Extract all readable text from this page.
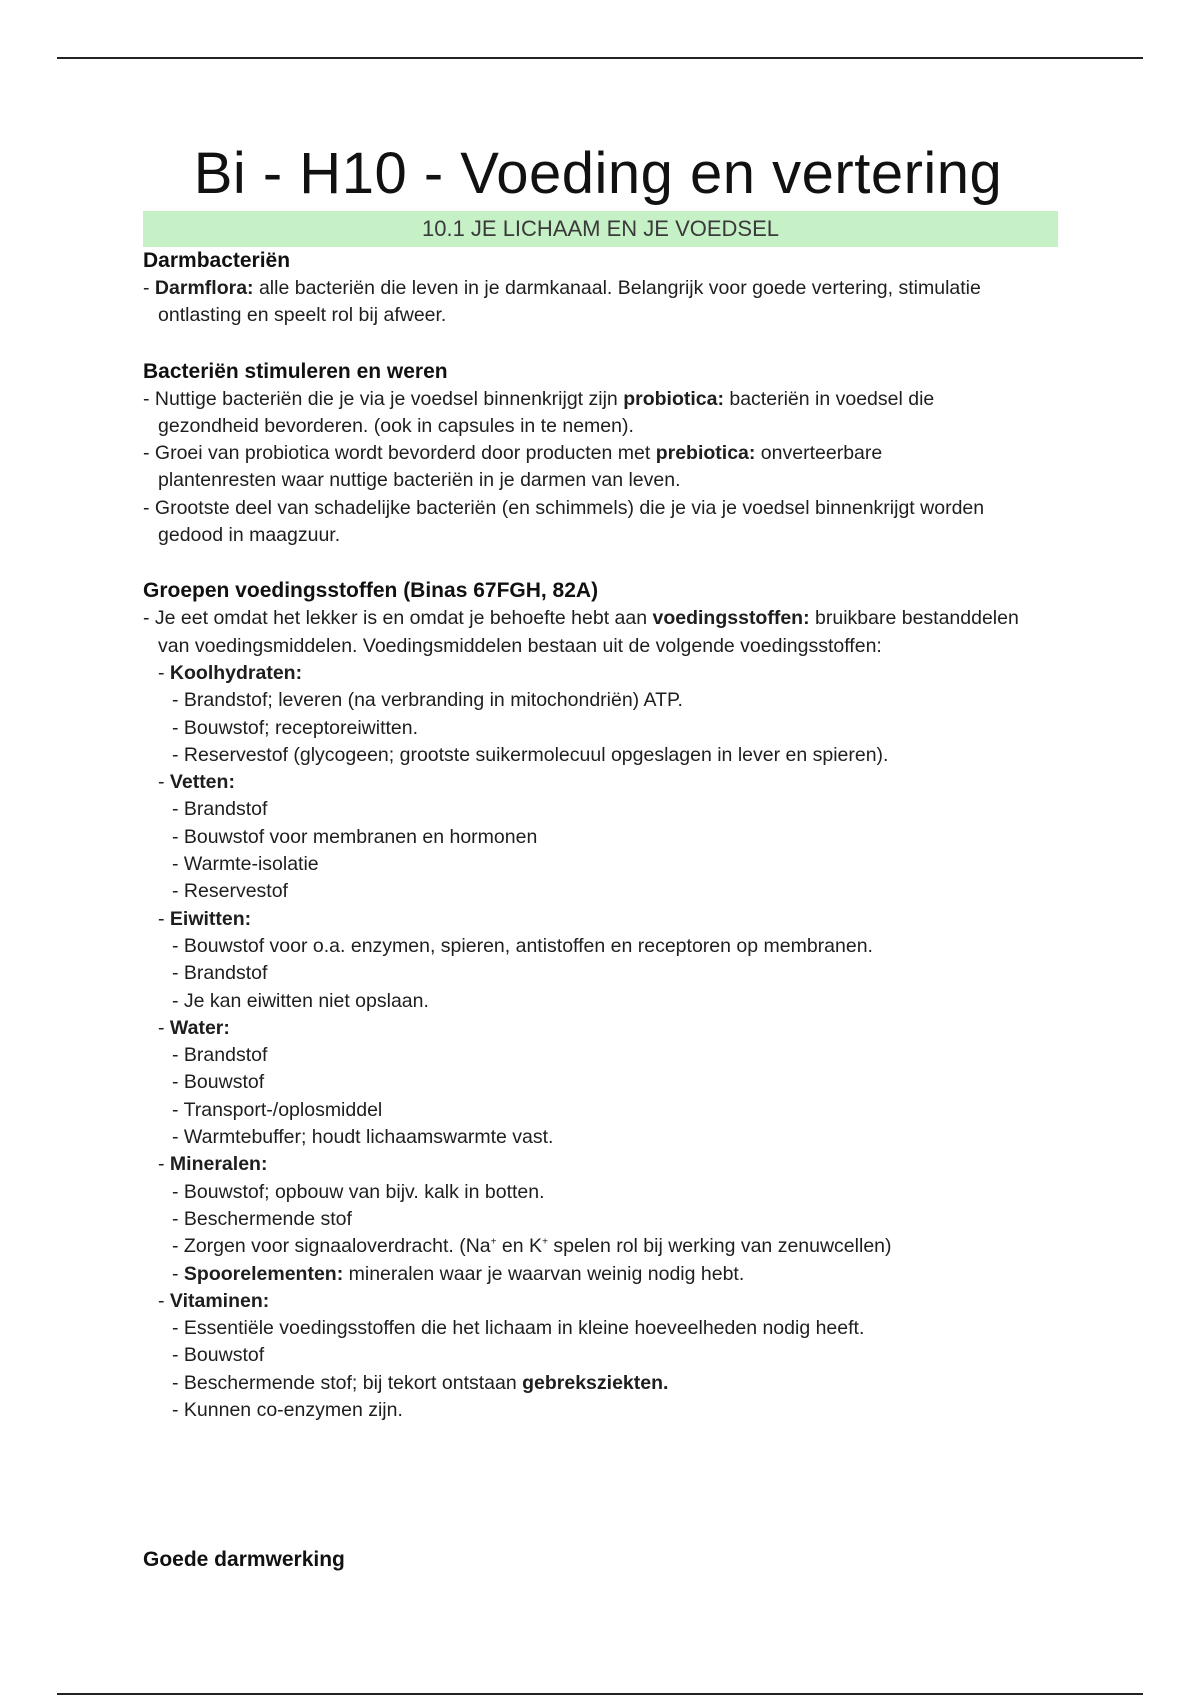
Bi - H10 - Voeding en vertering
10.1 JE LICHAAM EN JE VOEDSEL
Darmbacteriën
- Darmflora: alle bacteriën die leven in je darmkanaal. Belangrijk voor goede vertering, stimulatie
ontlasting en speelt rol bij afweer.
Bacteriën stimuleren en weren
- Nuttige bacteriën die je via je voedsel binnenkrijgt zijn probiotica: bacteriën in voedsel die
gezondheid bevorderen. (ook in capsules in te nemen).
- Groei van probiotica wordt bevorderd door producten met prebiotica: onverteerbare
plantenresten waar nuttige bacteriën in je darmen van leven.
- Grootste deel van schadelijke bacteriën (en schimmels) die je via je voedsel binnenkrijgt worden
gedood in maagzuur.
Groepen voedingsstoffen (Binas 67FGH, 82A)
- Je eet omdat het lekker is en omdat je behoefte hebt aan voedingsstoffen: bruikbare bestanddelen
van voedingsmiddelen. Voedingsmiddelen bestaan uit de volgende voedingsstoffen:
- Koolhydraten:
- Brandstof; leveren (na verbranding in mitochondriën) ATP.
- Bouwstof; receptoreiwitten.
- Reservestof (glycogeen; grootste suikermolecuul opgeslagen in lever en spieren).
- Vetten:
- Brandstof
- Bouwstof voor membranen en hormonen
- Warmte-isolatie
- Reservestof
- Eiwitten:
- Bouwstof voor o.a. enzymen, spieren, antistoffen en receptoren op membranen.
- Brandstof
- Je kan eiwitten niet opslaan.
- Water:
- Brandstof
- Bouwstof
- Transport-/oplosmiddel
- Warmtebuffer; houdt lichaamswarmte vast.
- Mineralen:
- Bouwstof; opbouw van bijv. kalk in botten.
- Beschermende stof
- Zorgen voor signaaloverdracht. (Na+ en K+ spelen rol bij werking van zenuwcellen)
- Spoorelementen: mineralen waar je waarvan weinig nodig hebt.
- Vitaminen:
- Essentiële voedingsstoffen die het lichaam in kleine hoeveelheden nodig heeft.
- Bouwstof
- Beschermende stof; bij tekort ontstaan gebreksziekten.
- Kunnen co-enzymen zijn.
Goede darmwerking
